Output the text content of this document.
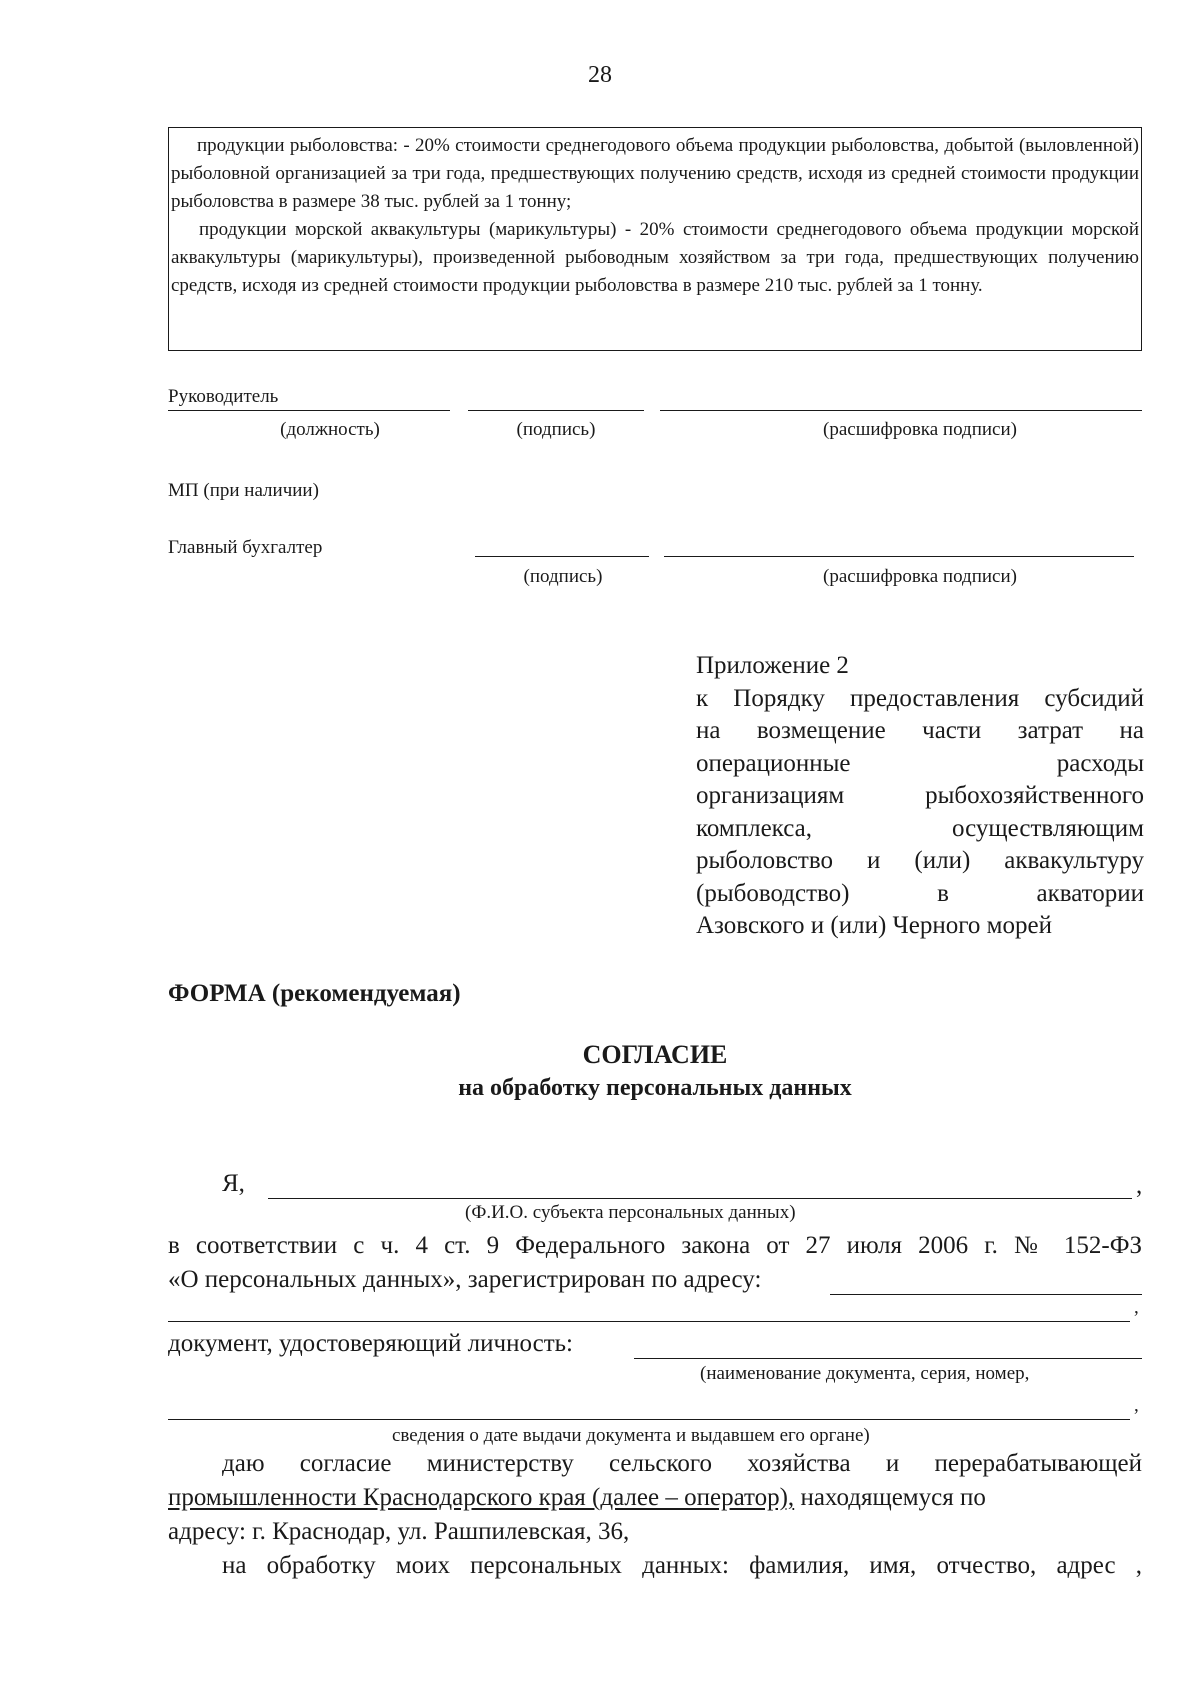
28

продукции рыболовства: - 20% стоимости среднегодового объема продукции рыболовства, добытой (выловленной) рыболовной организацией за три года, предшествующих получению средств, исходя из средней стоимости продукции рыболовства в размере 38 тыс. рублей за 1 тонну;

продукции морской аквакультуры (марикультуры) - 20% стоимости среднегодового объема продукции морской аквакультуры (марикультуры), произведенной рыбоводным хозяйством за три года, предшествующих получению средств, исходя из средней стоимости продукции рыболовства в размере 210 тыс. рублей за 1 тонну.

Руководитель
(должность)	(подпись)	(расшифровка подписи)
МП (при наличии)
Главный бухгалтер
(подпись)	(расшифровка подписи)
Приложение 2
к Порядку предоставления субсидий
на возмещение части затрат на
операционные расходы
организациям рыбохозяйственного
комплекса, осуществляющим
рыболовство и (или) аквакультуру
(рыбоводство) в акватории
Азовского и (или) Черного морей
ФОРМА (рекомендуемая)
СОГЛАСИЕ
на обработку персональных данных
Я,	,
(Ф.И.О. субъекта персональных данных)
в соответствии с ч. 4 ст. 9 Федерального закона от 27 июля 2006 г. № 152-ФЗ
«О персональных данных», зарегистрирован по адресу:
,
документ, удостоверяющий личность:
(наименование документа, серия, номер,
,
сведения о дате выдачи документа и выдавшем его органе)
даю согласие министерству сельского хозяйства и перерабатывающей
промышленности Краснодарского края (далее – оператор), находящемуся по
адресу: г. Краснодар, ул. Рашпилевская, 36,
на обработку моих персональных данных: фамилия, имя, отчество, адрес ,
